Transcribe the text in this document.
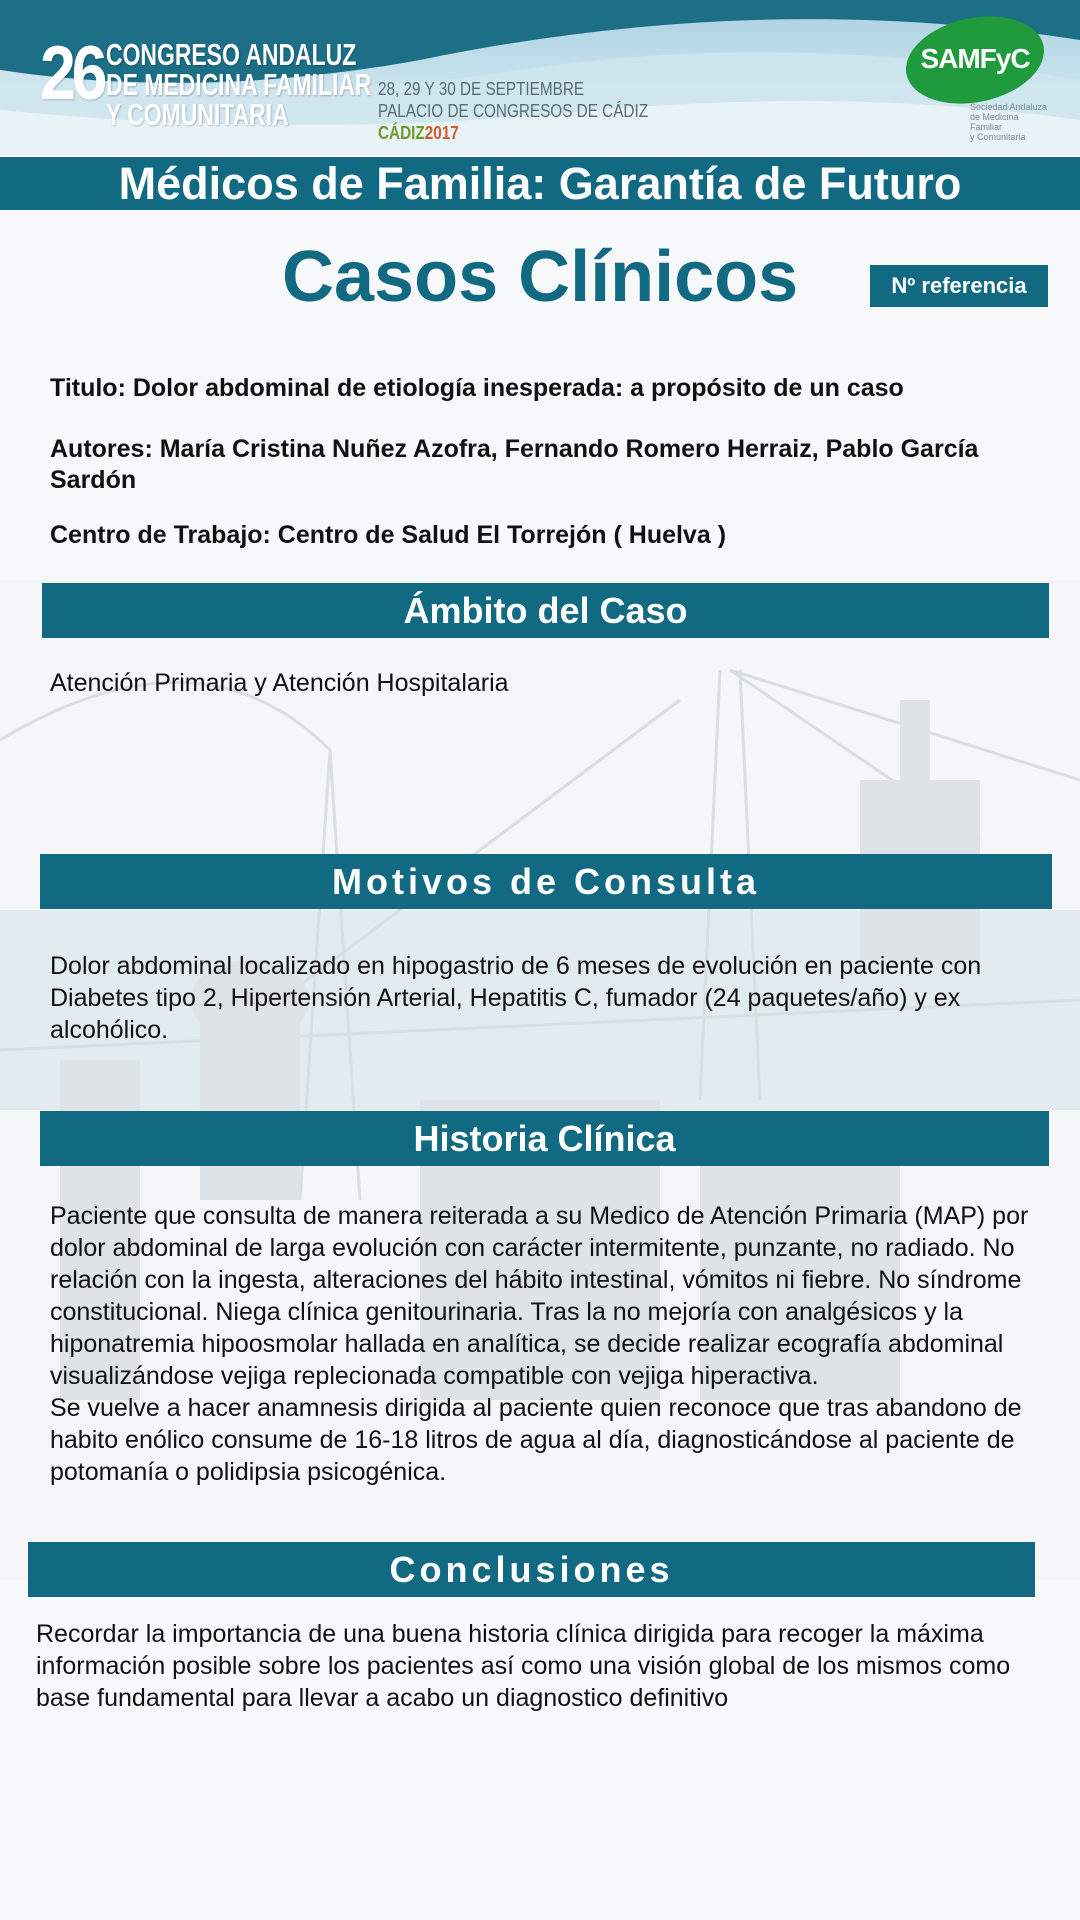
26 CONGRESO ANDALUZ
DE MEDICINA FAMILIAR
Y COMUNITARIA
28, 29 Y 30 DE SEPTIEMBRE
PALACIO DE CONGRESOS DE CÁDIZ
CÁDIZ2017
SAMFyC
Sociedad Andaluza
de Medicina Familiar
y Comunitaria
Médicos de Familia: Garantía de Futuro
Casos Clínicos	Nº referencia
Titulo: Dolor abdominal de etiología inesperada: a propósito de un caso
Autores: María Cristina Nuñez Azofra, Fernando Romero Herraiz, Pablo García Sardón
Centro de Trabajo: Centro de Salud El Torrejón ( Huelva )
Ámbito del Caso
Atención Primaria y Atención Hospitalaria
Motivos de Consulta
Dolor abdominal localizado en hipogastrio de 6 meses de evolución en paciente con Diabetes tipo 2, Hipertensión Arterial, Hepatitis C, fumador (24 paquetes/año) y ex alcohólico.
Historia Clínica
Paciente que consulta de manera reiterada a su Medico de Atención Primaria (MAP) por dolor abdominal de larga evolución con carácter intermitente, punzante, no radiado. No relación con la ingesta, alteraciones del hábito intestinal, vómitos ni fiebre. No síndrome constitucional. Niega clínica genitourinaria. Tras la no mejoría con analgésicos y la hiponatremia hipoosmolar hallada en analítica, se decide realizar ecografía abdominal visualizándose vejiga replecionada compatible con vejiga hiperactiva.
Se vuelve a hacer anamnesis dirigida al paciente quien reconoce que tras abandono de habito enólico consume de 16-18 litros de agua al día, diagnosticándose al paciente de potomanía o polidipsia psicogénica.
Conclusiones
Recordar la importancia de una buena historia clínica dirigida para recoger la máxima información posible sobre los pacientes así como una visión global de los mismos como base fundamental para llevar a acabo un diagnostico definitivo
